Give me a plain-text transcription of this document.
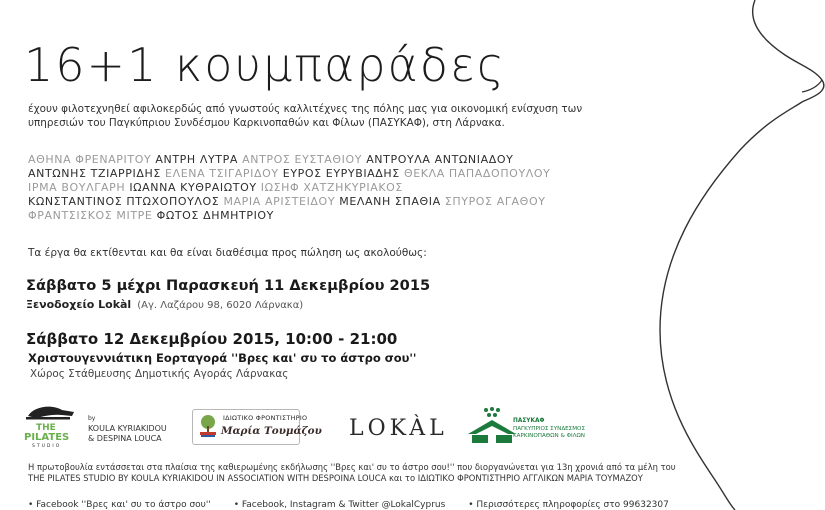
16+1 κουμπαράδες
έχουν φιλοτεχνηθεί αφιλοκερδώς από γνωστούς καλλιτέχνες της πόλης μας για οικονομική ενίσχυση των
υπηρεσιών του Παγκύπριου Συνδέσμου Καρκινοπαθών και Φίλων (ΠΑΣΥΚΑΦ), στη Λάρνακα.
ΑΘΗΝΑ ΦΡΕΝΑΡΙΤΟΥ ΑΝΤΡΗ ΛΥΤΡΑ ΑΝΤΡΟΣ ΕΥΣΤΑΘΙΟΥ ΑΝΤΡΟΥΛΑ ΑΝΤΩΝΙΑΔΟΥ
ΑΝΤΩΝΗΣ ΤΖΙΑΡΡΙΔΗΣ ΕΛΕΝΑ ΤΣΙΓΑΡΙΔΟΥ ΕΥΡΟΣ ΕΥΡΥΒΙΑΔΗΣ ΘΕΚΛΑ ΠΑΠΑΔΟΠΟΥΛΟΥ
ΙΡΜΑ ΒΟΥΛΓΑΡΗ ΙΩΑΝΝΑ ΚΥΘΡΑΙΩΤΟΥ ΙΩΣΗΦ ΧΑΤΖΗΚΥΡΙΑΚΟΣ
ΚΩΝΣΤΑΝΤΙΝΟΣ ΠΤΩΧΟΠΟΥΛΟΣ ΜΑΡΙΑ ΑΡΙΣΤΕΙΔΟΥ ΜΕΛΑΝΗ ΣΠΑΘΙΑ ΣΠΥΡΟΣ ΑΓΑΘΟΥ
ΦΡΑΝΤΣΙΣΚΟΣ ΜΙΤΡΕ ΦΩΤΟΣ ΔΗΜΗΤΡΙΟΥ
Τα έργα θα εκτίθενται και θα είναι διαθέσιμα προς πώληση ως ακολούθως:
Σάββατο 5 μέχρι Παρασκευή 11 Δεκεμβρίου 2015
Ξενοδοχείο Lokàl (Αγ. Λαζάρου 98, 6020 Λάρνακα)
Σάββατο 12 Δεκεμβρίου 2015, 10:00 - 21:00
Χριστουγεννιάτικη Εορταγορά ''Βρες και' συ το άστρο σου''
Χώρος Στάθμευσης Δημοτικής Αγοράς Λάρνακας
THE
PILATES
STUDIO
by
KOULA KYRIAKIDOU
& DESPINA LOUCA
ΙΔΙΩΤΙΚΟ ΦΡΟΝΤΙΣΤΗΡΙΟ
Μαρία Τουμάζου LOKÀL	ΠΑΣΥΚΑΦ
ΠΑΓΚΥΠΡΙΟΣ ΣΥΝΔΕΣΜΟΣ ΚΑΡΚΙΝΟΠΑΘΩΝ & ΦΙΛΩΝ
Η πρωτοβουλία εντάσσεται στα πλαίσια της καθιερωμένης εκδήλωσης ''Βρες και' συ το άστρο σου!'' που διοργανώνεται για 13η χρονιά από τα μέλη του
THE PILATES STUDIO BY KOULA KYRIAKIDOU IN ASSOCIATION WITH DESPOINA LOUCA και το ΙΔΙΩΤΙΚΟ ΦΡΟΝΤΙΣΤΗΡΙΟ ΑΓΓΛΙΚΩΝ ΜΑΡΙΑ ΤΟΥΜΑΖΟΥ
• Facebook ''Βρες και' συ το άστρο σου''	• Facebook, Instagram & Twitter @LokalCyprus	• Περισσότερες πληροφορίες στο 99632307
